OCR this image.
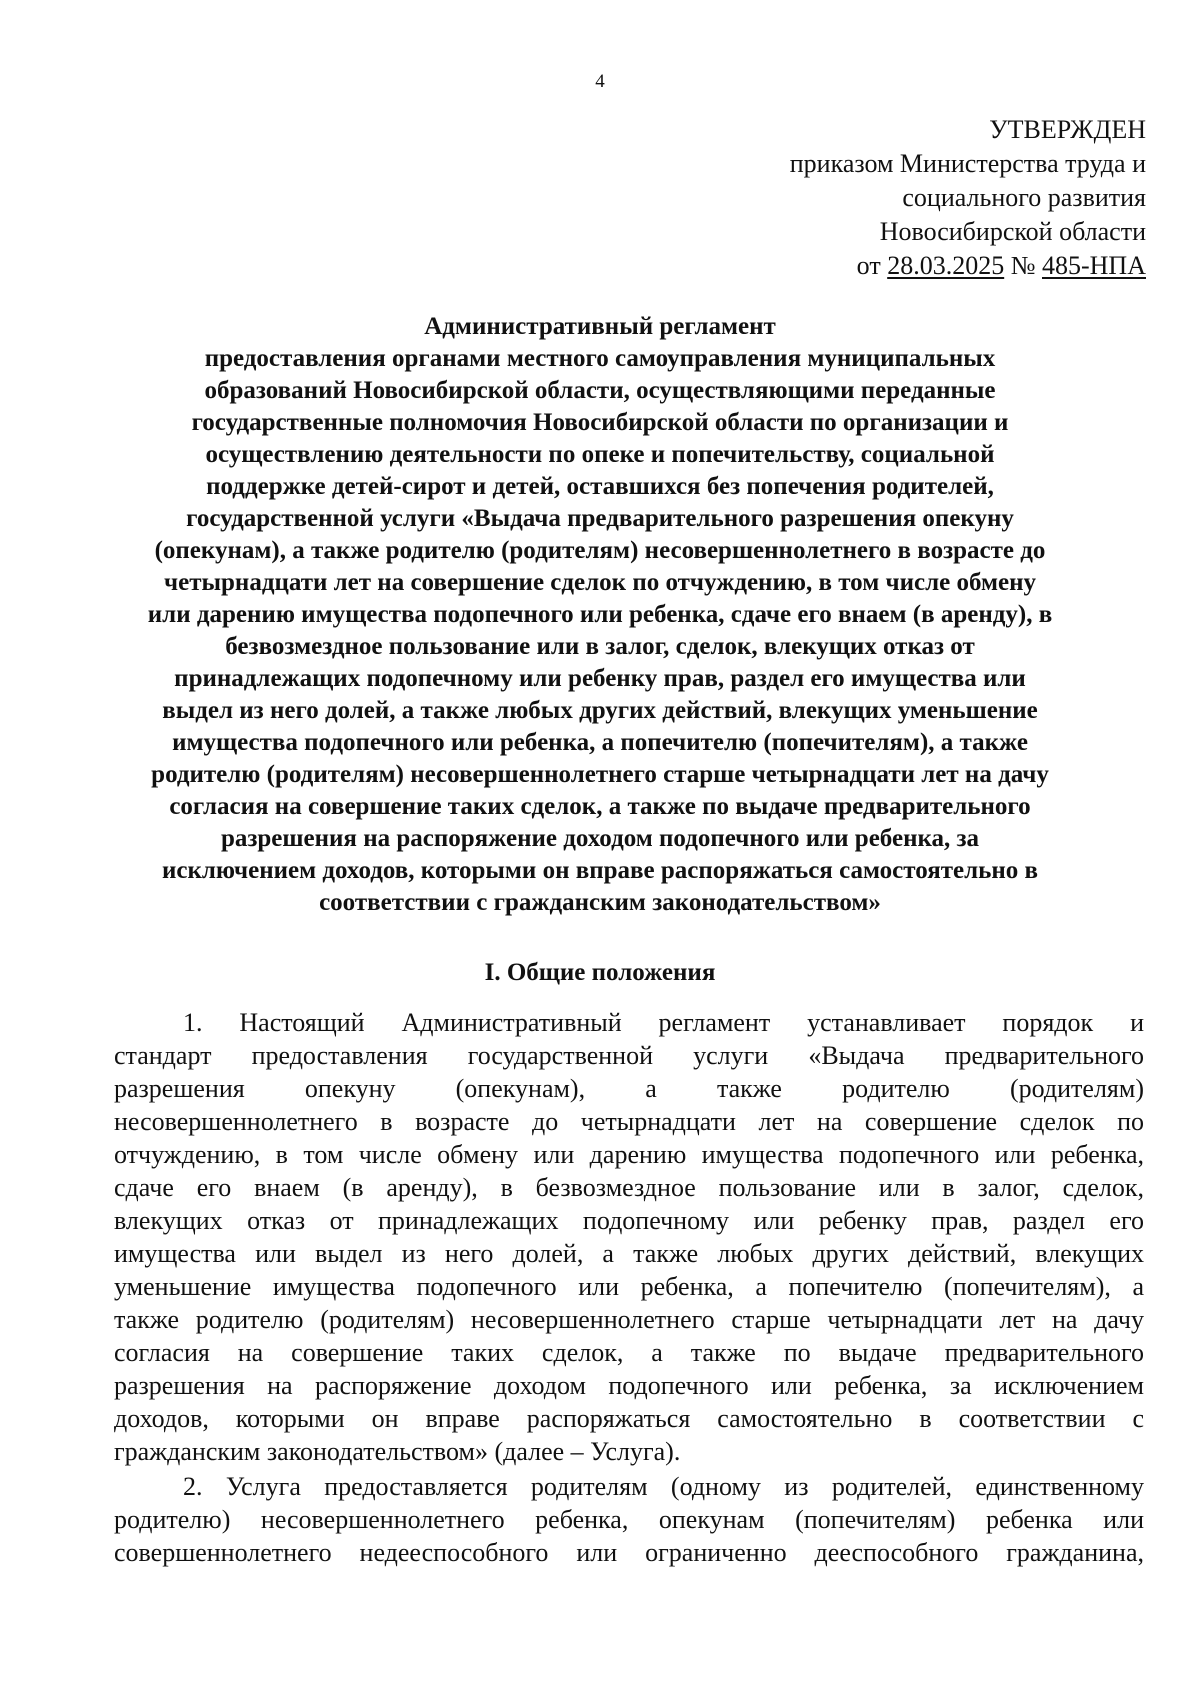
4
УТВЕРЖДЕН
приказом Министерства труда и
социального развития
Новосибирской области
от 28.03.2025 № 485-НПА
Административный регламент
предоставления органами местного самоуправления муниципальных
образований Новосибирской области, осуществляющими переданные
государственные полномочия Новосибирской области по организации и
осуществлению деятельности по опеке и попечительству, социальной
поддержке детей-сирот и детей, оставшихся без попечения родителей,
государственной услуги «Выдача предварительного разрешения опекуну
(опекунам), а также родителю (родителям) несовершеннолетнего в возрасте до
четырнадцати лет на совершение сделок по отчуждению, в том числе обмену
или дарению имущества подопечного или ребенка, сдаче его внаем (в аренду), в
безвозмездное пользование или в залог, сделок, влекущих отказ от
принадлежащих подопечному или ребенку прав, раздел его имущества или
выдел из него долей, а также любых других действий, влекущих уменьшение
имущества подопечного или ребенка, а попечителю (попечителям), а также
родителю (родителям) несовершеннолетнего старше четырнадцати лет на дачу
согласия на совершение таких сделок, а также по выдаче предварительного
разрешения на распоряжение доходом подопечного или ребенка, за
исключением доходов, которыми он вправе распоряжаться самостоятельно в
соответствии с гражданским законодательством»
I. Общие положения
1. Настоящий Административный регламент устанавливает порядок и
стандарт предоставления государственной услуги «Выдача предварительного
разрешения опекуну (опекунам), а также родителю (родителям)
несовершеннолетнего в возрасте до четырнадцати лет на совершение сделок по
отчуждению, в том числе обмену или дарению имущества подопечного или ребенка,
сдаче его внаем (в аренду), в безвозмездное пользование или в залог, сделок,
влекущих отказ от принадлежащих подопечному или ребенку прав, раздел его
имущества или выдел из него долей, а также любых других действий, влекущих
уменьшение имущества подопечного или ребенка, а попечителю (попечителям), а
также родителю (родителям) несовершеннолетнего старше четырнадцати лет на дачу
согласия на совершение таких сделок, а также по выдаче предварительного
разрешения на распоряжение доходом подопечного или ребенка, за исключением
доходов, которыми он вправе распоряжаться самостоятельно в соответствии с
гражданским законодательством» (далее – Услуга).
2. Услуга предоставляется родителям (одному из родителей, единственному
родителю) несовершеннолетнего ребенка, опекунам (попечителям) ребенка или
совершеннолетнего недееспособного или ограниченно дееспособного гражданина,
